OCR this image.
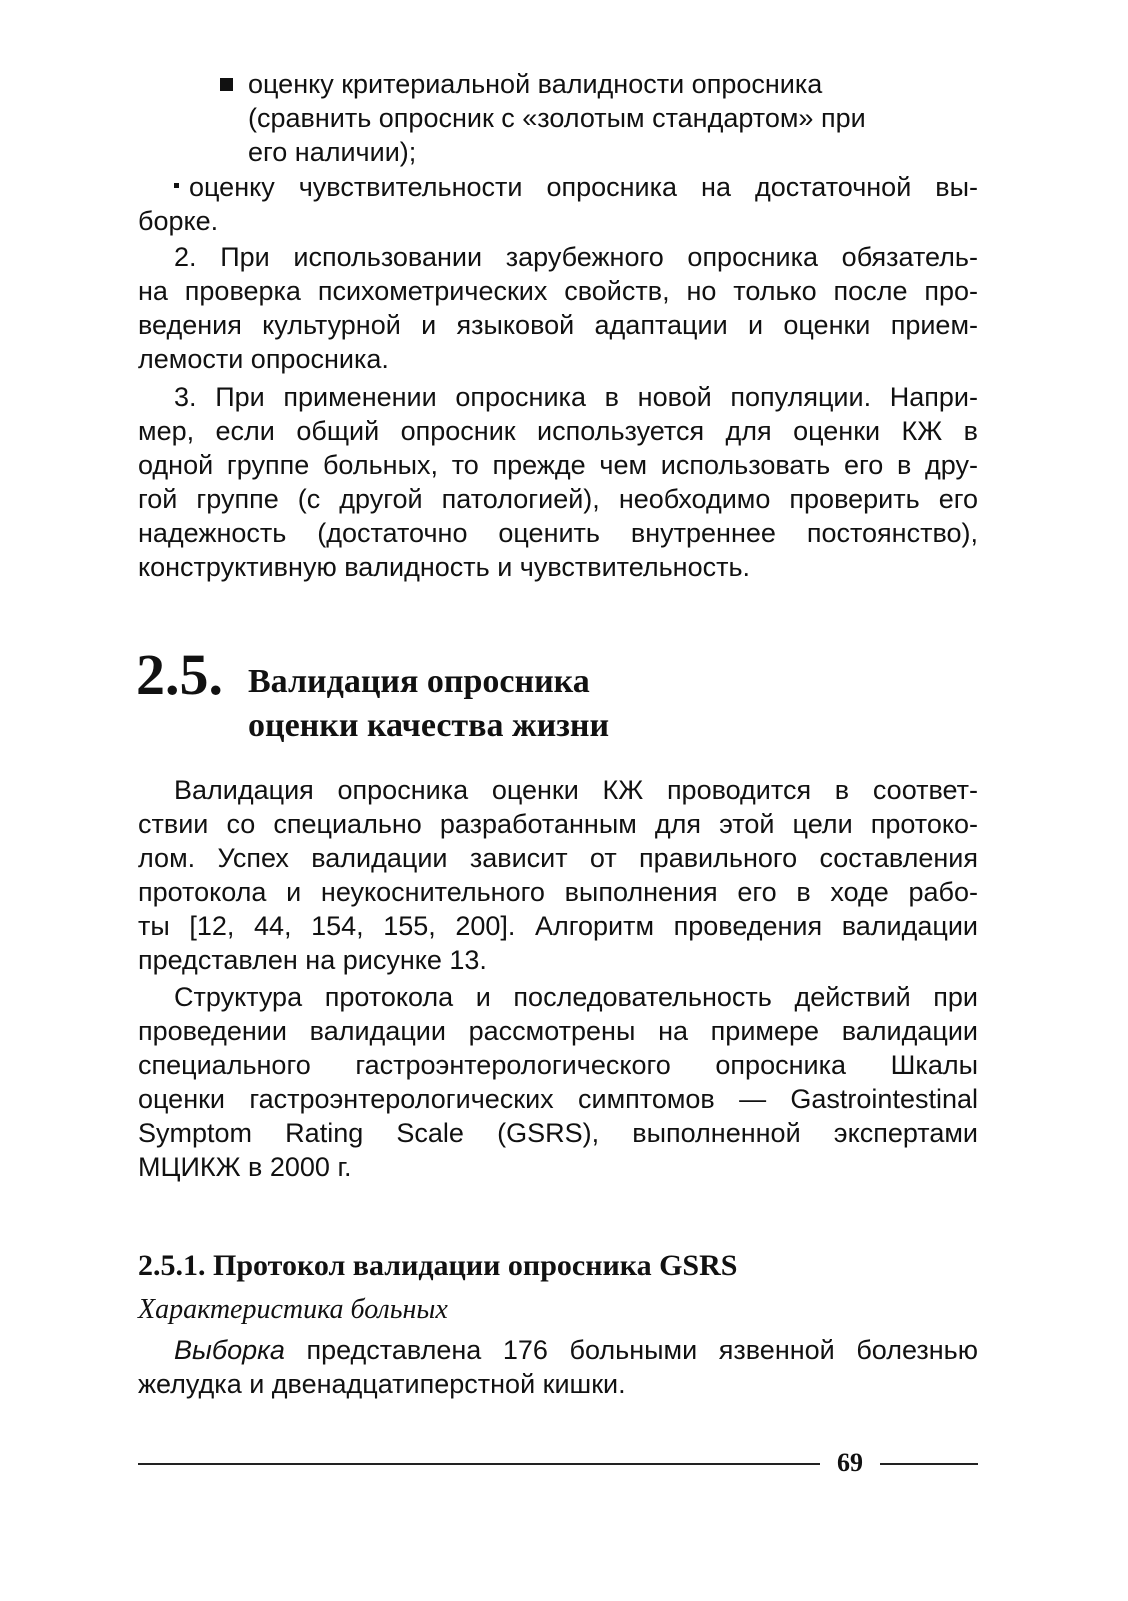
оценку критериальной валидности опросника
(сравнить опросник с «золотым стандартом» при
его наличии);
оценку чувствительности опросника на достаточной вы-
борке.
2. При использовании зарубежного опросника обязатель-
на проверка психометрических свойств, но только после про-
ведения культурной и языковой адаптации и оценки прием-
лемости опросника.
3. При применении опросника в новой популяции. Напри-
мер, если общий опросник используется для оценки КЖ в
одной группе больных, то прежде чем использовать его в дру-
гой группе (с другой патологией), необходимо проверить его
надежность (достаточно оценить внутреннее постоянство),
конструктивную валидность и чувствительность.
2.5. Валидация опросника
оценки качества жизни
Валидация опросника оценки КЖ проводится в соответ-
ствии со специально разработанным для этой цели протоко-
лом. Успех валидации зависит от правильного составления
протокола и неукоснительного выполнения его в ходе рабо-
ты [12, 44, 154, 155, 200]. Алгоритм проведения валидации
представлен на рисунке 13.
Структура протокола и последовательность действий при
проведении валидации рассмотрены на примере валидации
специального гастроэнтерологического опросника Шкалы
оценки гастроэнтерологических симптомов — Gastrointestinal
Symptom Rating Scale (GSRS), выполненной экспертами
МЦИКЖ в 2000 г.
2.5.1. Протокол валидации опросника GSRS
Характеристика больных
Выборка представлена 176 больными язвенной болезнью
желудка и двенадцатиперстной кишки.
69
